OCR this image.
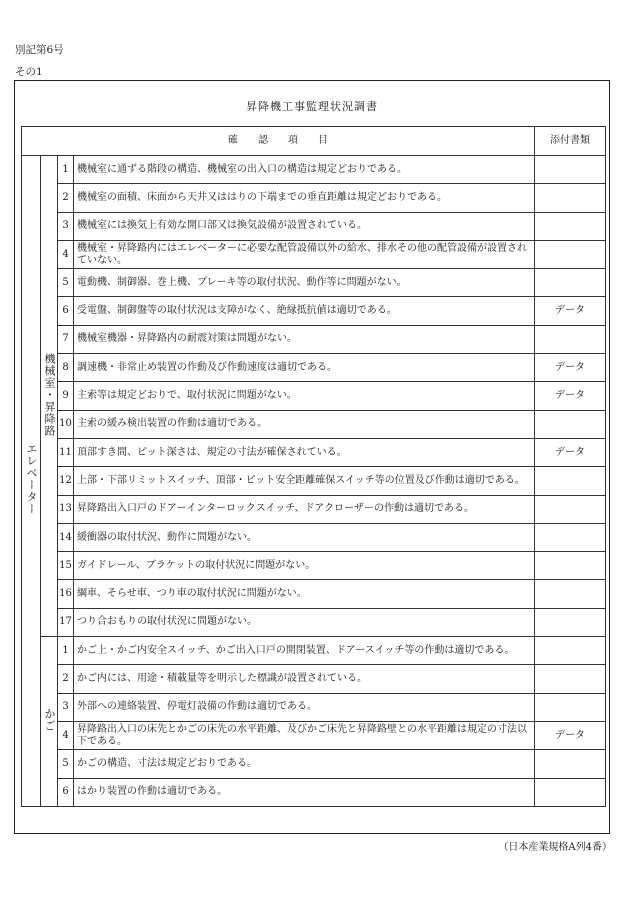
別記第6号
その1
昇降機工事監理状況調書
確　　認　　項　　目				添付書類
エレベーター	機械室・昇降路	1	機械室に通ずる階段の構造、機械室の出入口の構造は規定どおりである。	
		2	機械室の面積、床面から天井又ははりの下端までの垂直距離は規定どおりである。	
		3	機械室には換気上有効な開口部又は換気設備が設置されている。	
		4	機械室・昇降路内にはエレベーターに必要な配管設備以外の給水、排水その他の配管設備が設置されていない。	
		5	電動機、制御器、巻上機、ブレーキ等の取付状況、動作等に問題がない。	
		6	受電盤、制御盤等の取付状況は支障がなく、絶縁抵抗値は適切である。	データ
		7	機械室機器・昇降路内の耐震対策は問題がない。	
		8	調速機・非常止め装置の作動及び作動速度は適切である。	データ
		9	主索等は規定どおりで、取付状況に問題がない。	データ
		10	主索の緩み検出装置の作動は適切である。	
		11	頂部すき間、ピット深さは、規定の寸法が確保されている。	データ
		12	上部・下部リミットスイッチ、頂部・ピット安全距離確保スイッチ等の位置及び作動は適切である。	
		13	昇降路出入口戸のドアーインターロックスイッチ、ドアクローザーの作動は適切である。	
		14	緩衝器の取付状況、動作に問題がない。	
		15	ガイドレール、ブラケットの取付状況に問題がない。	
		16	綱車、そらせ車、つり車の取付状況に問題がない。	
		17	つり合おもりの取付状況に問題がない。	
	かご	1	かご上・かご内安全スイッチ、かご出入口戸の開閉装置、ドアースイッチ等の作動は適切である。	
		2	かご内には、用途・積載量等を明示した標識が設置されている。	
		3	外部への連絡装置、停電灯設備の作動は適切である。	
		4	昇降路出入口の床先とかごの床先の水平距離、及びかご床先と昇降路壁との水平距離は規定の寸法以下である。	データ
		5	かごの構造、寸法は規定どおりである。	
		6	はかり装置の作動は適切である。	
（日本産業規格A列4番）
